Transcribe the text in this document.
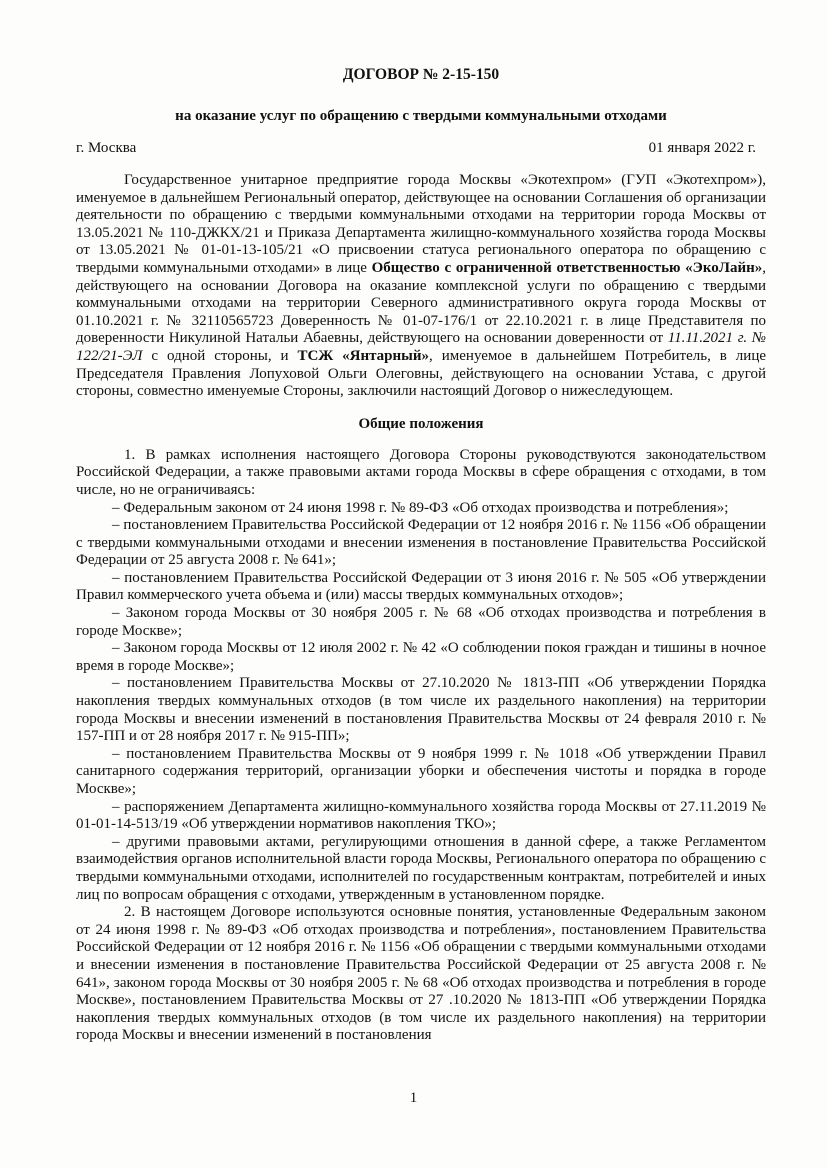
ДОГОВОР № 2-15-150
на оказание услуг по обращению с твердыми коммунальными отходами
г. Москва	01 января 2022 г.

Государственное унитарное предприятие города Москвы «Экотехпром» (ГУП «Экотехпром»), именуемое в дальнейшем Региональный оператор, действующее на основании Соглашения об организации деятельности по обращению с твердыми коммунальными отходами на территории города Москвы от 13.05.2021 № 110-ДЖКХ/21 и Приказа Департамента жилищно-коммунального хозяйства города Москвы от 13.05.2021 № 01-01-13-105/21 «О присвоении статуса регионального оператора по обращению с твердыми коммунальными отходами» в лице Общество с ограниченной ответственностью «ЭкоЛайн», действующего на основании Договора на оказание комплексной услуги по обращению с твердыми коммунальными отходами на территории Северного административного округа города Москвы от 01.10.2021 г. № 32110565723 Доверенность № 01-07-176/1 от 22.10.2021 г. в лице Представителя по доверенности Никулиной Натальи Абаевны, действующего на основании доверенности от 11.11.2021 г. № 122/21-ЭЛ с одной стороны, и ТСЖ «Янтарный», именуемое в дальнейшем Потребитель, в лице Председателя Правления Лопуховой Ольги Олеговны, действующего на основании Устава, с другой стороны, совместно именуемые Стороны, заключили настоящий Договор о нижеследующем.

Общие положения

1. В рамках исполнения настоящего Договора Стороны руководствуются законодательством Российской Федерации, а также правовыми актами города Москвы в сфере обращения с отходами, в том числе, но не ограничиваясь:

– Федеральным законом от 24 июня 1998 г. № 89-ФЗ «Об отходах производства и потребления»;

– постановлением Правительства Российской Федерации от 12 ноября 2016 г. № 1156 «Об обращении с твердыми коммунальными отходами и внесении изменения в постановление Правительства Российской Федерации от 25 августа 2008 г. № 641»;

– постановлением Правительства Российской Федерации от 3 июня 2016 г. № 505 «Об утверждении Правил коммерческого учета объема и (или) массы твердых коммунальных отходов»;

– Законом города Москвы от 30 ноября 2005 г. № 68 «Об отходах производства и потребления в городе Москве»;

– Законом города Москвы от 12 июля 2002 г. № 42 «О соблюдении покоя граждан и тишины в ночное время в городе Москве»;

– постановлением Правительства Москвы от 27.10.2020 № 1813-ПП «Об утверждении Порядка накопления твердых коммунальных отходов (в том числе их раздельного накопления) на территории города Москвы и внесении изменений в постановления Правительства Москвы от 24 февраля 2010 г. № 157-ПП и от 28 ноября 2017 г. № 915-ПП»;

– постановлением Правительства Москвы от 9 ноября 1999 г. № 1018 «Об утверждении Правил санитарного содержания территорий, организации уборки и обеспечения чистоты и порядка в городе Москве»;

– распоряжением Департамента жилищно-коммунального хозяйства города Москвы от 27.11.2019 № 01-01-14-513/19 «Об утверждении нормативов накопления ТКО»;

– другими правовыми актами, регулирующими отношения в данной сфере, а также Регламентом взаимодействия органов исполнительной власти города Москвы, Регионального оператора по обращению с твердыми коммунальными отходами, исполнителей по государственным контрактам, потребителей и иных лиц по вопросам обращения с отходами, утвержденным в установленном порядке.

2. В настоящем Договоре используются основные понятия, установленные Федеральным законом от 24 июня 1998 г. № 89-ФЗ «Об отходах производства и потребления», постановлением Правительства Российской Федерации от 12 ноября 2016 г. № 1156 «Об обращении с твердыми коммунальными отходами и внесении изменения в постановление Правительства Российской Федерации от 25 августа 2008 г. № 641», законом города Москвы от 30 ноября 2005 г. № 68 «Об отходах производства и потребления в городе Москве», постановлением Правительства Москвы от 27 .10.2020 № 1813-ПП «Об утверждении Порядка накопления твердых коммунальных отходов (в том числе их раздельного накопления) на территории города Москвы и внесении изменений в постановления

1
